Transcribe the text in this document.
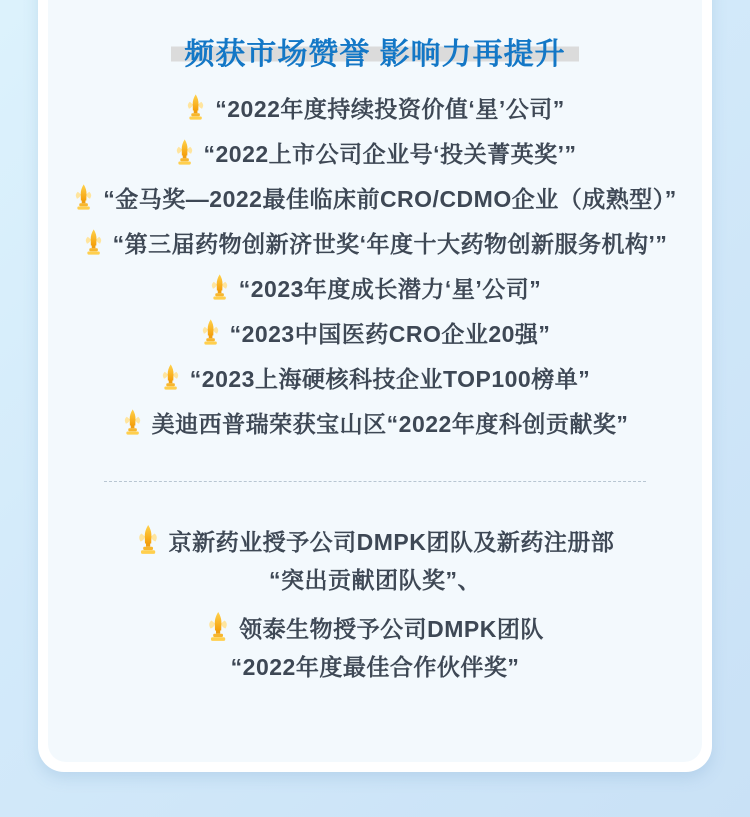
频获市场赞誉 影响力再提升
“2022年度持续投资价值‘星’公司”
“2022上市公司企业号‘投关菁英奖’”
“金马奖—2022最佳临床前CRO/CDMO企业（成熟型）”
“第三届药物创新济世奖‘年度十大药物创新服务机构’”
“2023年度成长潜力‘星’公司”
“2023中国医药CRO企业20强”
“2023上海硬核科技企业TOP100榜单”
美迪西普瑞荣获宝山区“2022年度科创贡献奖”
京新药业授予公司DMPK团队及新药注册部
“突出贡献团队奖”、
领泰生物授予公司DMPK团队
“2022年度最佳合作伙伴奖”
